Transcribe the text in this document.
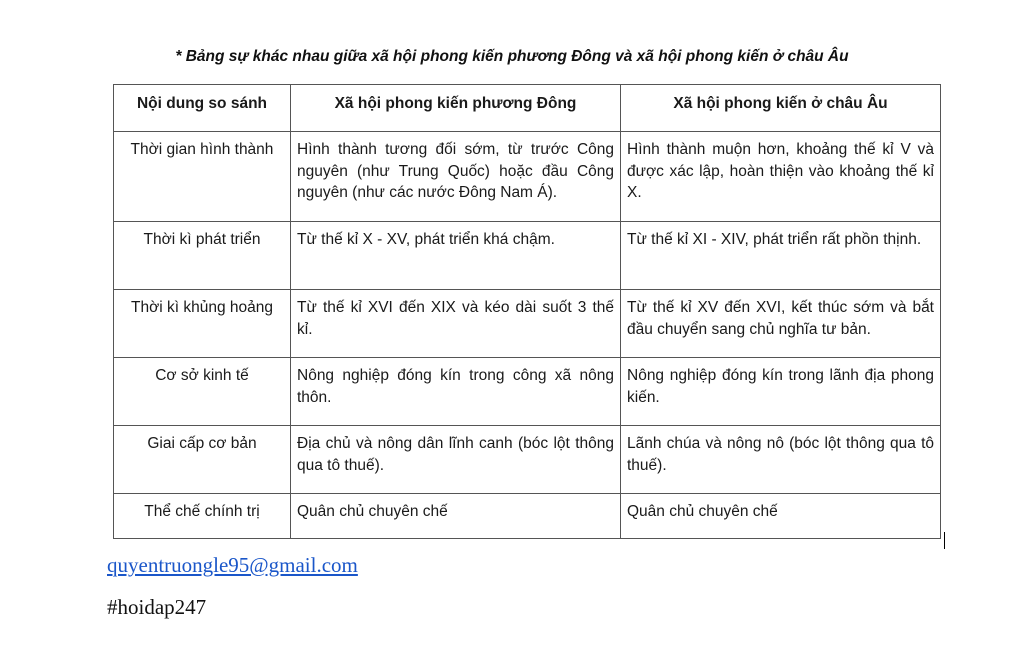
* Bảng sự khác nhau giữa xã hội phong kiến phương Đông và xã hội phong kiến ở châu Âu
Nội dung so sánh	Xã hội phong kiến phương Đông	Xã hội phong kiến ở châu Âu
Thời gian hình thành	Hình thành tương đối sớm, từ trước Công nguyên (như Trung Quốc) hoặc đầu Công nguyên (như các nước Đông Nam Á).	Hình thành muộn hơn, khoảng thế kỉ V và được xác lập, hoàn thiện vào khoảng thế kỉ X.
Thời kì phát triển	Từ thế kỉ X - XV, phát triển khá chậm.	Từ thế kỉ XI - XIV, phát triển rất phồn thịnh.
Thời kì khủng hoảng	Từ thế kỉ XVI đến XIX và kéo dài suốt 3 thế kỉ.	Từ thế kỉ XV đến XVI, kết thúc sớm và bắt đầu chuyển sang chủ nghĩa tư bản.
Cơ sở kinh tế	Nông nghiệp đóng kín trong công xã nông thôn.	Nông nghiệp đóng kín trong lãnh địa phong kiến.
Giai cấp cơ bản	Địa chủ và nông dân lĩnh canh (bóc lột thông qua tô thuế).	Lãnh chúa và nông nô (bóc lột thông qua tô thuế).
Thể chế chính trị	Quân chủ chuyên chế	Quân chủ chuyên chế
quyentruongle95@gmail.com
#hoidap247
